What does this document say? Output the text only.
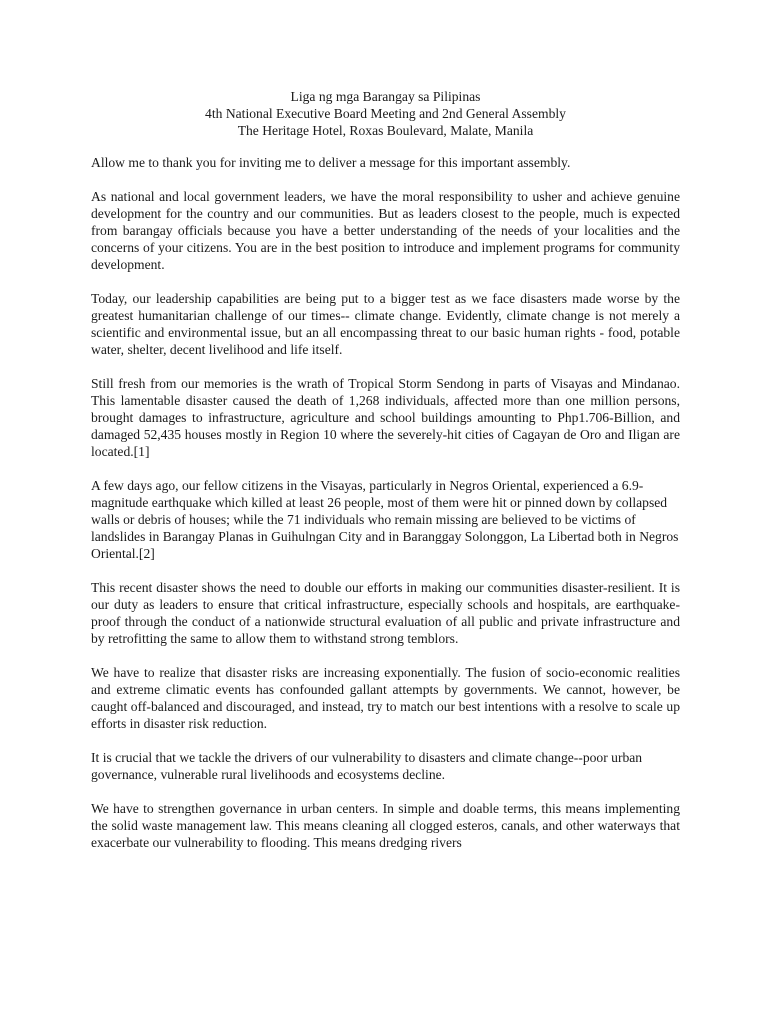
Liga ng mga Barangay sa Pilipinas
4th National Executive Board Meeting and 2nd General Assembly
The Heritage Hotel, Roxas Boulevard, Malate, Manila

Allow me to thank you for inviting me to deliver a message for this important assembly.

As national and local government leaders, we have the moral responsibility to usher and achieve genuine development for the country and our communities. But as leaders closest to the people, much is expected from barangay officials because you have a better understanding of the needs of your localities and the concerns of your citizens. You are in the best position to introduce and implement programs for community development.

Today, our leadership capabilities are being put to a bigger test as we face disasters made worse by the greatest humanitarian challenge of our times-- climate change. Evidently, climate change is not merely a scientific and environmental issue, but an all encompassing threat to our basic human rights - food, potable water, shelter, decent livelihood and life itself.

Still fresh from our memories is the wrath of Tropical Storm Sendong in parts of Visayas and Mindanao. This lamentable disaster caused the death of 1,268 individuals, affected more than one million persons, brought damages to infrastructure, agriculture and school buildings amounting to Php1.706-Billion, and damaged 52,435 houses mostly in Region 10 where the severely-hit cities of Cagayan de Oro and Iligan are located.[1]

A few days ago, our fellow citizens in the Visayas, particularly in Negros Oriental, experienced a 6.9-magnitude earthquake which killed at least 26 people, most of them were hit or pinned down by collapsed walls or debris of houses; while the 71 individuals who remain missing are believed to be victims of landslides in Barangay Planas in Guihulngan City and in Baranggay Solonggon, La Libertad both in Negros Oriental.[2]

This recent disaster shows the need to double our efforts in making our communities disaster-resilient. It is our duty as leaders to ensure that critical infrastructure, especially schools and hospitals, are earthquake-proof through the conduct of a nationwide structural evaluation of all public and private infrastructure and by retrofitting the same to allow them to withstand strong temblors.

We have to realize that disaster risks are increasing exponentially. The fusion of socio-economic realities and extreme climatic events has confounded gallant attempts by governments. We cannot, however, be caught off-balanced and discouraged, and instead, try to match our best intentions with a resolve to scale up efforts in disaster risk reduction.

It is crucial that we tackle the drivers of our vulnerability to disasters and climate change--poor urban governance, vulnerable rural livelihoods and ecosystems decline.

We have to strengthen governance in urban centers. In simple and doable terms, this means implementing the solid waste management law. This means cleaning all clogged esteros, canals, and other waterways that exacerbate our vulnerability to flooding. This means dredging rivers
